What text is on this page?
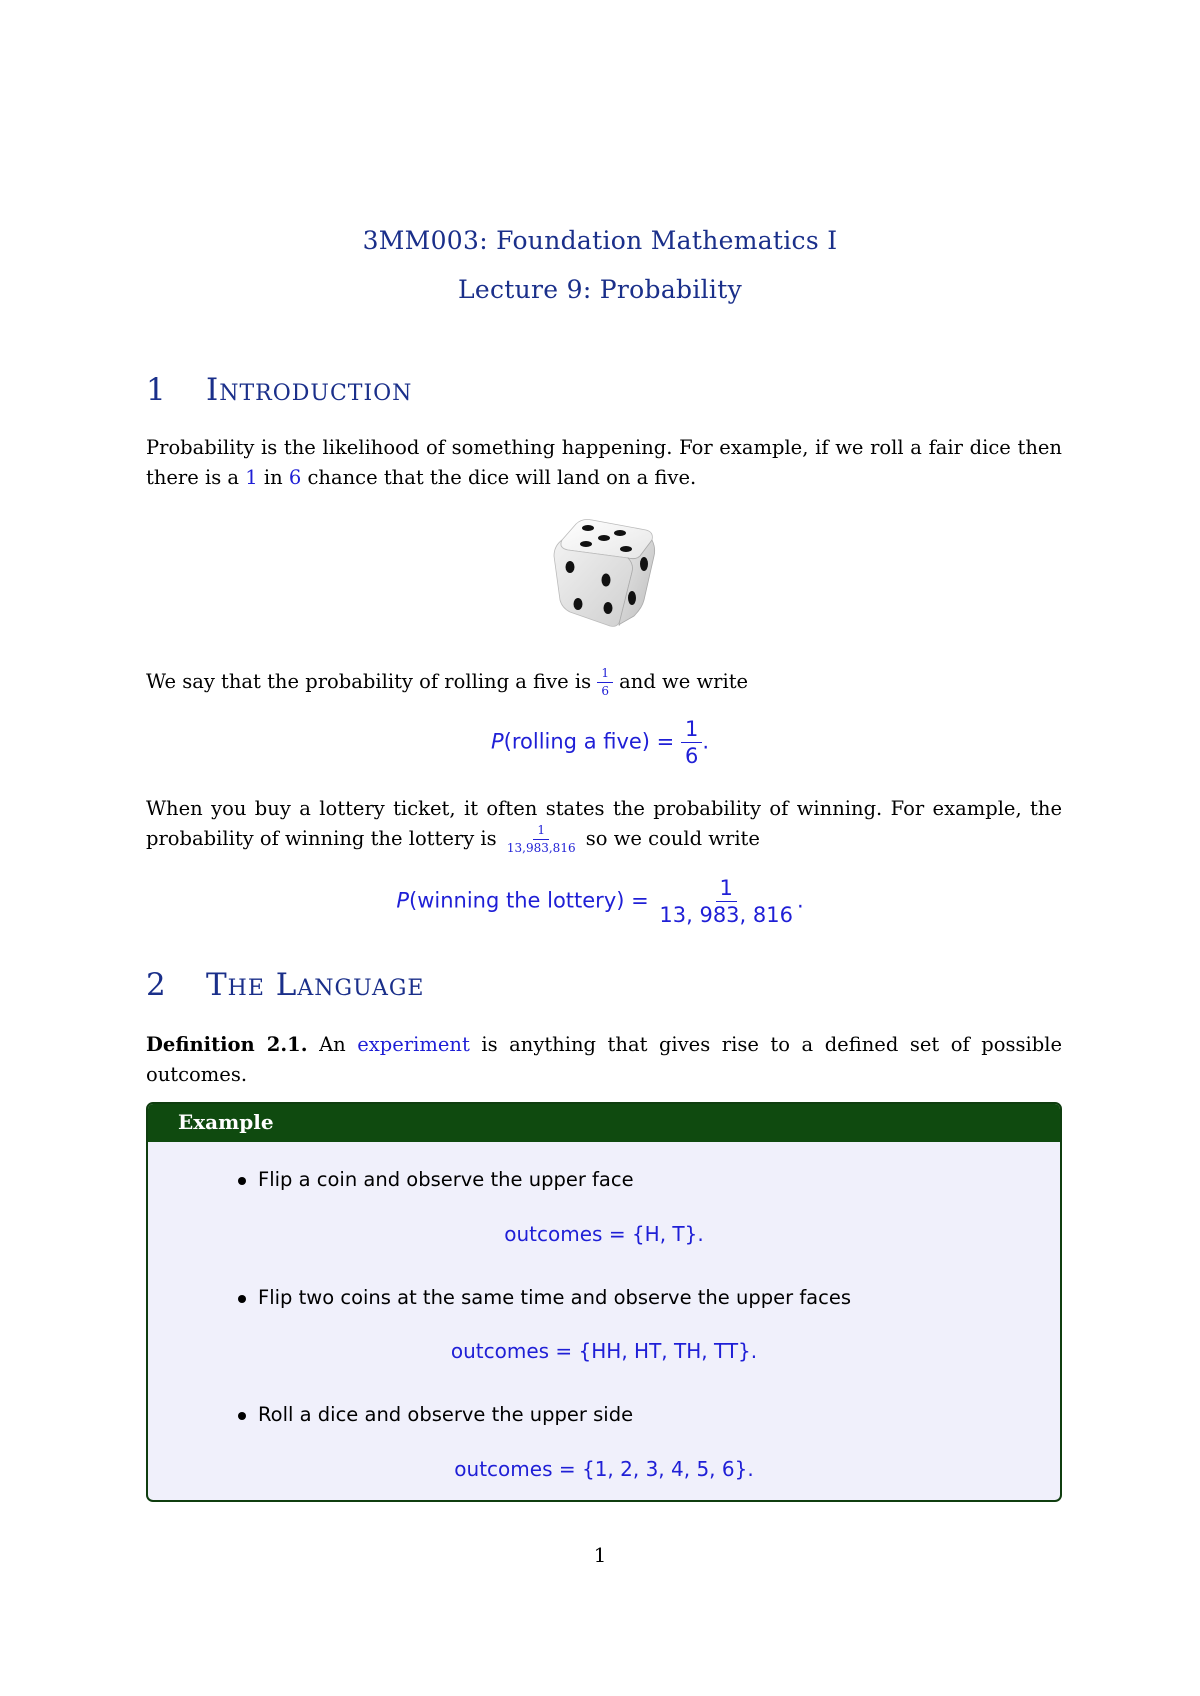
3MM003: Foundation Mathematics I
Lecture 9: Probability
1 Introduction
Probability is the likelihood of something happening. For example, if we roll a fair dice then there is a 1 in 6 chance that the dice will land on a five.
We say that the probability of rolling a five is $\frac{1}{6}$ and we write
P(rolling a five) = $\frac{1}{6}$ .
When you buy a lottery ticket, it often states the probability of winning. For example, the probability of winning the lottery is $\frac{1}{13,983,816}$ so we could write
P(winning the lottery) = $\frac{1}{13, 983, 816}$ .
2 The Language
Definition 2.1. An experiment is anything that gives rise to a defined set of possible outcomes.
Example
Flip a coin and observe the upper face
outcomes = {H, T}.
Flip two coins at the same time and observe the upper faces
outcomes = {HH, HT, TH, TT}.
Roll a dice and observe the upper side
outcomes = {1, 2, 3, 4, 5, 6}.
1
